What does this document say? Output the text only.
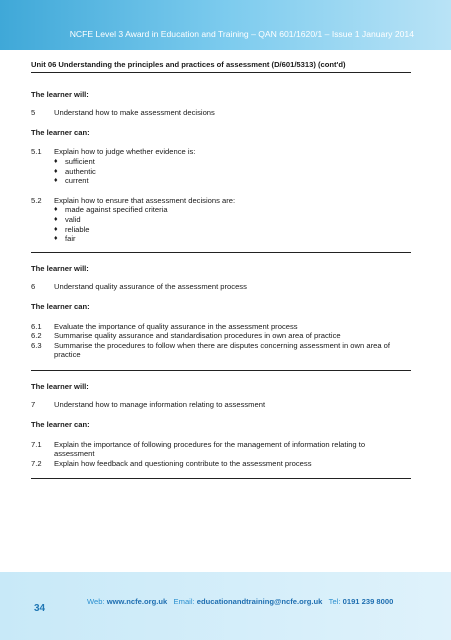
NCFE Level 3 Award in Education and Training – QAN 601/1620/1 – Issue 1 January 2014
Unit 06 Understanding the principles and practices of assessment (D/601/5313) (cont'd)
The learner will:
5	Understand how to make assessment decisions
The learner can:
5.1	Explain how to judge whether evidence is:
♦ sufficient
♦ authentic
♦ current
5.2	Explain how to ensure that assessment decisions are:
♦ made against specified criteria
♦ valid
♦ reliable
♦ fair
The learner will:
6	Understand quality assurance of the assessment process
The learner can:
6.1	Evaluate the importance of quality assurance in the assessment process
6.2	Summarise quality assurance and standardisation procedures in own area of practice
6.3	Summarise the procedures to follow when there are disputes concerning assessment in own area of practice
The learner will:
7	Understand how to manage information relating to assessment
The learner can:
7.1	Explain the importance of following procedures for the management of information relating to assessment
7.2	Explain how feedback and questioning contribute to the assessment process
34
Web: www.ncfe.org.uk Email: educationandtraining@ncfe.org.uk Tel: 0191 239 8000
